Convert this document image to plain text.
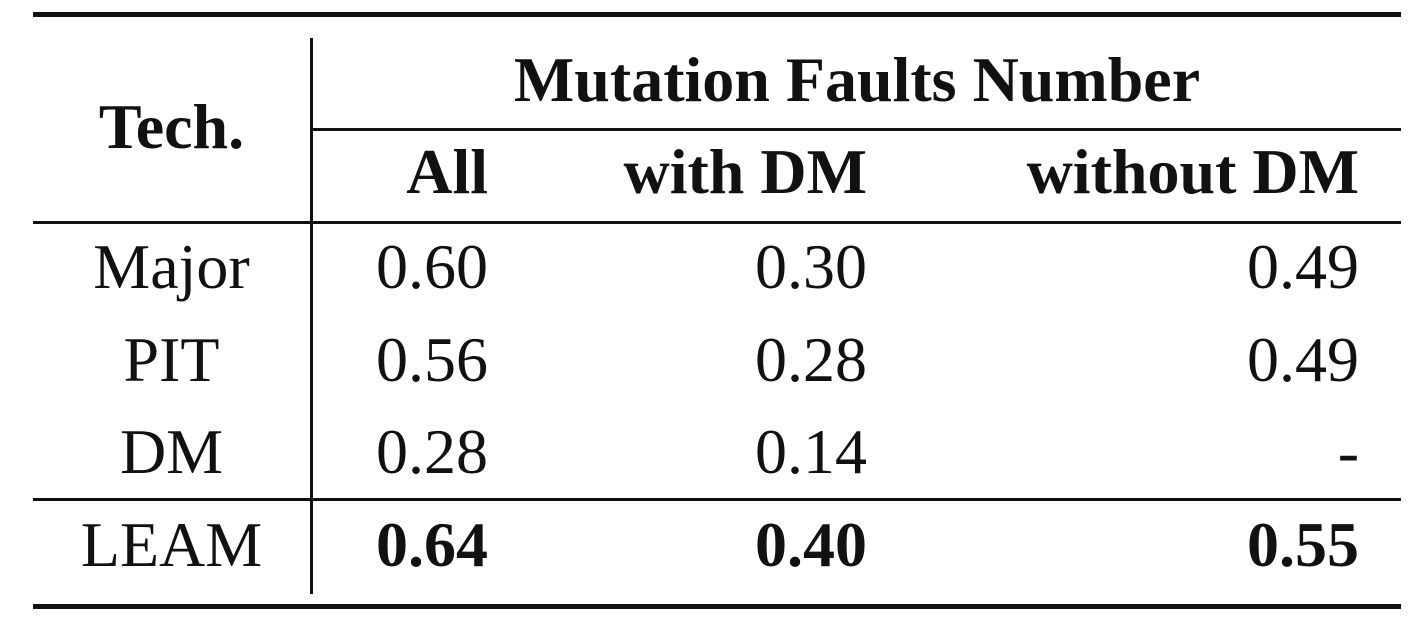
Tech.
Mutation Faults Number
All	with DM	without DM
Major	0.60	0.30	0.49
PIT	0.56	0.28	0.49
DM	0.28	0.14	-
LEAM	0.64	0.40	0.55
